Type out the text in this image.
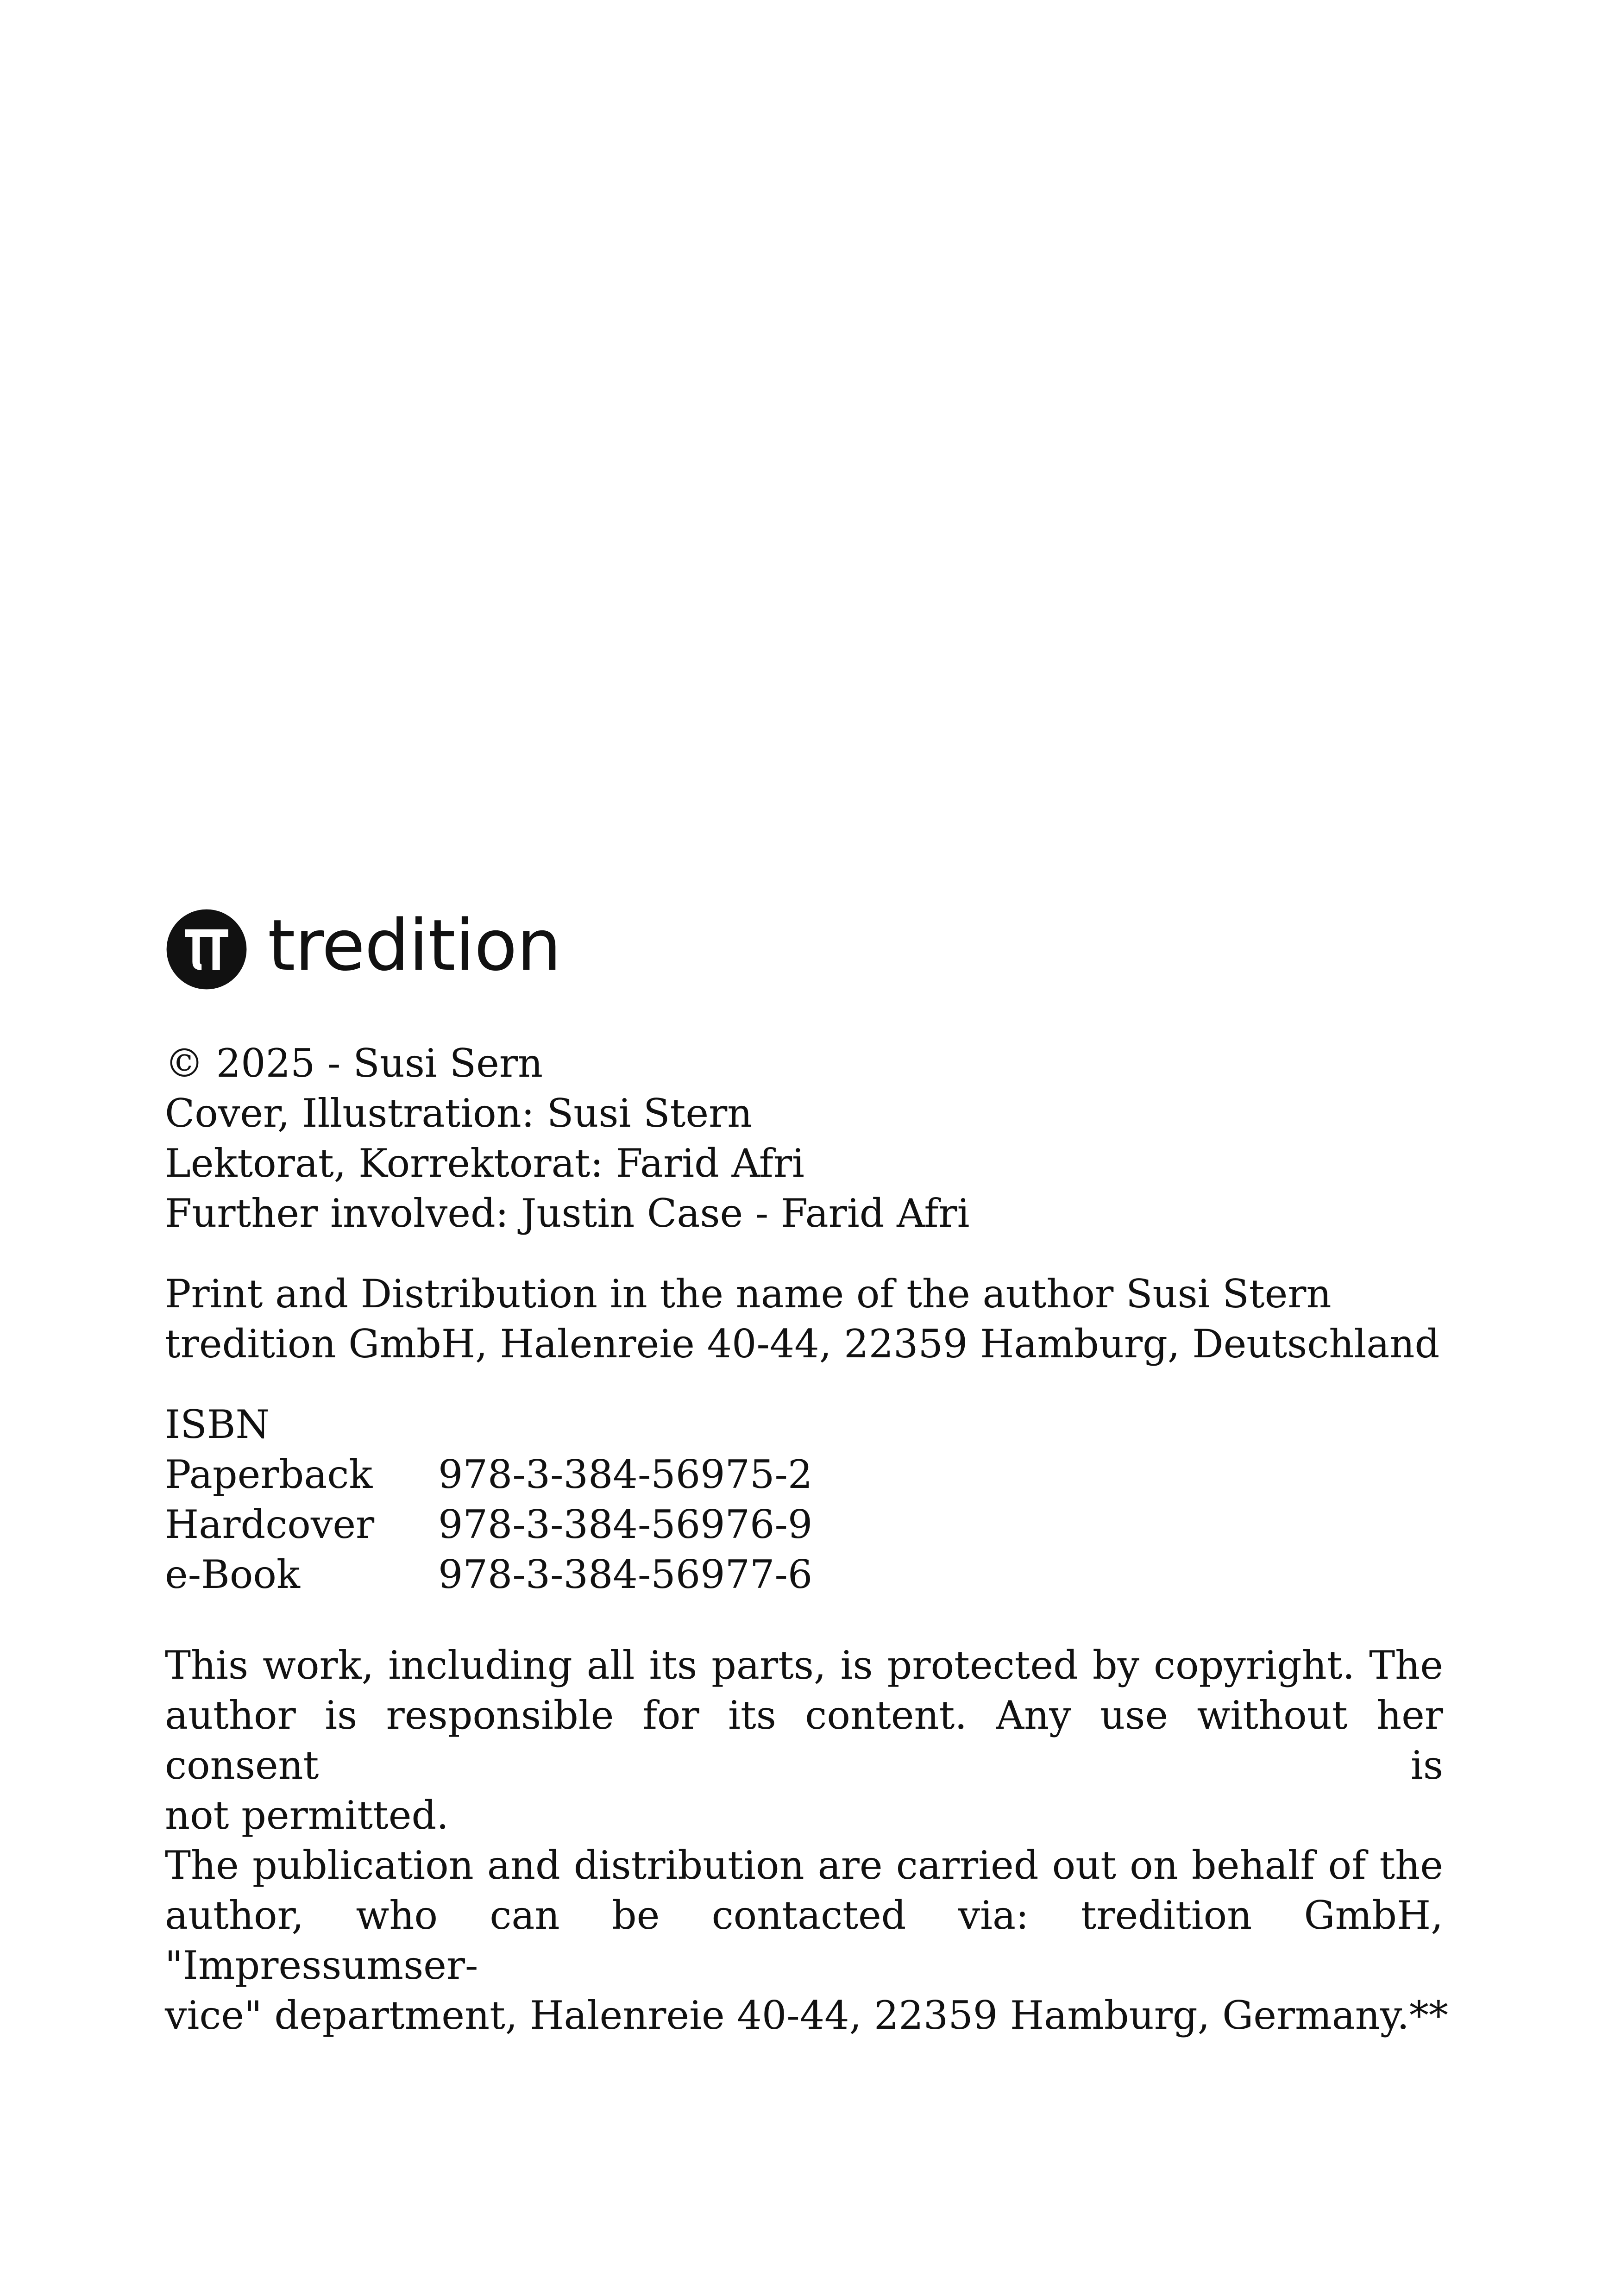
tredition
© 2025 - Susi Sern
Cover, Illustration: Susi Stern
Lektorat, Korrektorat: Farid Afri
Further involved: Justin Case - Farid Afri
Print and Distribution in the name of the author Susi Stern
tredition GmbH, Halenreie 40-44, 22359 Hamburg, Deutschland
ISBN
Paperback	978-3-384-56975-2
Hardcover	978-3-384-56976-9
e-Book	978-3-384-56977-6
This work, including all its parts, is protected by copyright. The
author is responsible for its content. Any use without her consent is
not permitted.
The publication and distribution are carried out on behalf of the
author, who can be contacted via: tredition GmbH, "Impressumser-
vice" department, Halenreie 40-44, 22359 Hamburg, Germany.**
